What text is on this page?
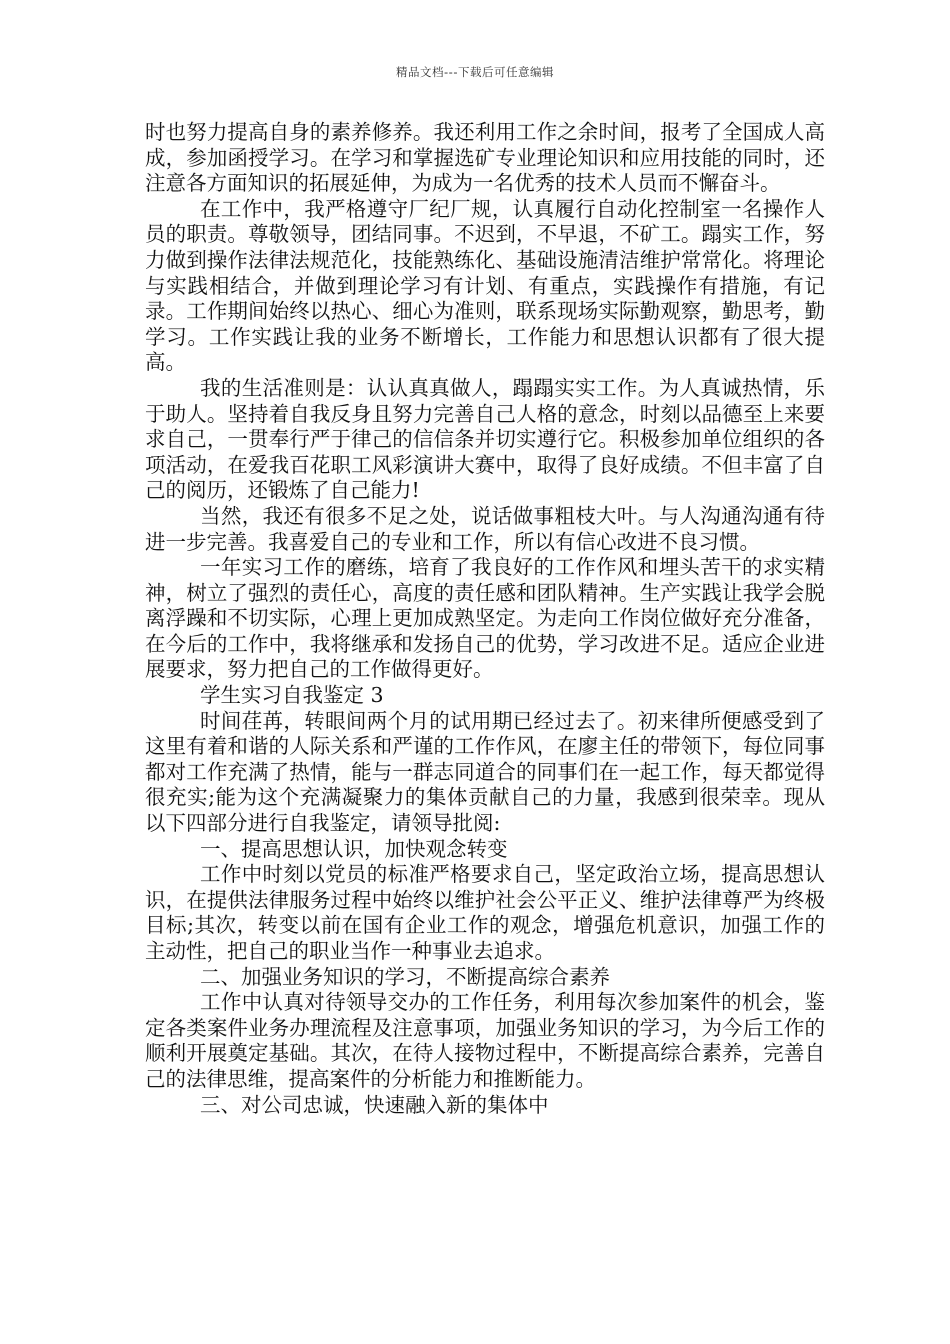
精品文档---下载后可任意编辑

时也努力提高自身的素养修养。我还利用工作之余时间，报考了全国成人高成，参加函授学习。在学习和掌握选矿专业理论知识和应用技能的同时，还注意各方面知识的拓展延伸，为成为一名优秀的技术人员而不懈奋斗。

在工作中，我严格遵守厂纪厂规，认真履行自动化控制室一名操作人员的职责。尊敬领导，团结同事。不迟到，不早退，不矿工。蹋实工作，努力做到操作法律法规范化，技能熟练化、基础设施清洁维护常常化。将理论与实践相结合，并做到理论学习有计划、有重点，实践操作有措施，有记录。工作期间始终以热心、细心为准则，联系现场实际勤观察，勤思考，勤学习。工作实践让我的业务不断增长，工作能力和思想认识都有了很大提高。

我的生活准则是：认认真真做人，蹋蹋实实工作。为人真诚热情，乐于助人。坚持着自我反身且努力完善自己人格的意念，时刻以品德至上来要求自己，一贯奉行严于律己的信信条并切实遵行它。积极参加单位组织的各项活动，在爱我百花职工风彩演讲大赛中，取得了良好成绩。不但丰富了自己的阅历，还锻炼了自己能力!

当然，我还有很多不足之处，说话做事粗枝大叶。与人沟通沟通有待进一步完善。我喜爱自己的专业和工作，所以有信心改进不良习惯。

一年实习工作的磨练，培育了我良好的工作作风和埋头苦干的求实精神，树立了强烈的责任心，高度的责任感和团队精神。生产实践让我学会脱离浮躁和不切实际，心理上更加成熟坚定。为走向工作岗位做好充分准备，在今后的工作中，我将继承和发扬自己的优势，学习改进不足。适应企业进展要求，努力把自己的工作做得更好。

学生实习自我鉴定 3

时间荏苒，转眼间两个月的试用期已经过去了。初来律所便感受到了这里有着和谐的人际关系和严谨的工作作风，在廖主任的带领下，每位同事都对工作充满了热情，能与一群志同道合的同事们在一起工作，每天都觉得很充实;能为这个充满凝聚力的集体贡献自己的力量，我感到很荣幸。现从以下四部分进行自我鉴定，请领导批阅:

一、提高思想认识，加快观念转变

工作中时刻以党员的标准严格要求自己，坚定政治立场，提高思想认识，在提供法律服务过程中始终以维护社会公平正义、维护法律尊严为终极目标;其次，转变以前在国有企业工作的观念，增强危机意识，加强工作的主动性，把自己的职业当作一种事业去追求。

二、加强业务知识的学习，不断提高综合素养

工作中认真对待领导交办的工作任务，利用每次参加案件的机会，鉴定各类案件业务办理流程及注意事项，加强业务知识的学习，为今后工作的顺利开展奠定基础。其次，在待人接物过程中，不断提高综合素养，完善自己的法律思维，提高案件的分析能力和推断能力。

三、对公司忠诚，快速融入新的集体中
